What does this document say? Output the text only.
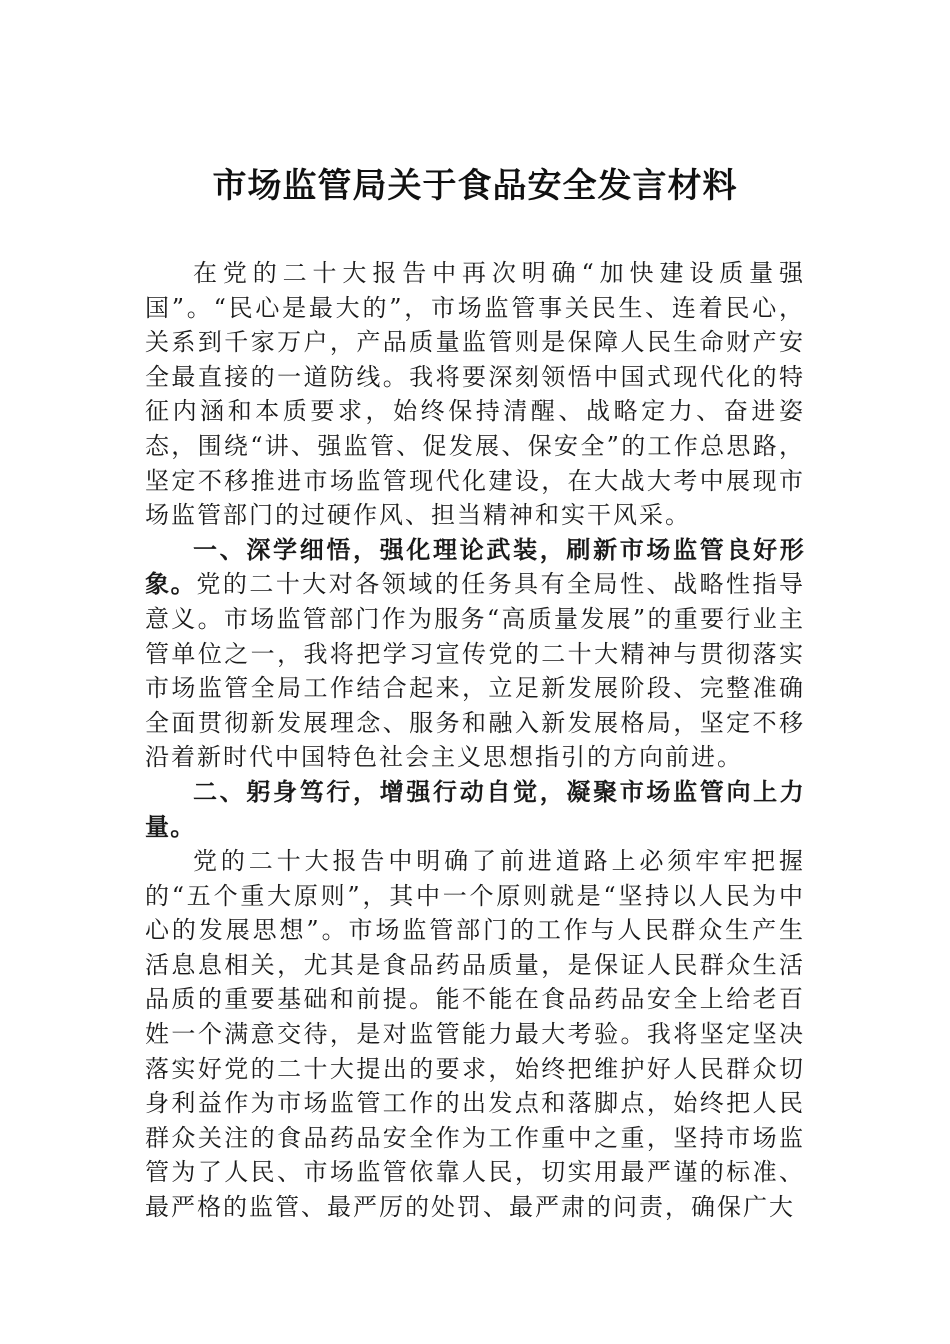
市场监管局关于食品安全发言材料

在党的二十大报告中再次明确“加快建设质量强国”。“民心是最大的”，市场监管事关民生、连着民心，关系到千家万户，产品质量监管则是保障人民生命财产安全最直接的一道防线。我将要深刻领悟中国式现代化的特征内涵和本质要求，始终保持清醒、战略定力、奋进姿态，围绕“讲、强监管、促发展、保安全”的工作总思路，坚定不移推进市场监管现代化建设，在大战大考中展现市场监管部门的过硬作风、担当精神和实干风采。

一、深学细悟，强化理论武装，刷新市场监管良好形象。党的二十大对各领域的任务具有全局性、战略性指导意义。市场监管部门作为服务“高质量发展”的重要行业主管单位之一，我将把学习宣传党的二十大精神与贯彻落实市场监管全局工作结合起来，立足新发展阶段、完整准确全面贯彻新发展理念、服务和融入新发展格局，坚定不移沿着新时代中国特色社会主义思想指引的方向前进。

二、躬身笃行，增强行动自觉，凝聚市场监管向上力量。

党的二十大报告中明确了前进道路上必须牢牢把握的“五个重大原则”，其中一个原则就是“坚持以人民为中心的发展思想”。市场监管部门的工作与人民群众生产生活息息相关，尤其是食品药品质量，是保证人民群众生活品质的重要基础和前提。能不能在食品药品安全上给老百姓一个满意交待，是对监管能力最大考验。我将坚定坚决落实好党的二十大提出的要求，始终把维护好人民群众切身利益作为市场监管工作的出发点和落脚点，始终把人民群众关注的食品药品安全作为工作重中之重，坚持市场监管为了人民、市场监管依靠人民，切实用最严谨的标准、最严格的监管、最严厉的处罚、最严肃的问责，确保广大
